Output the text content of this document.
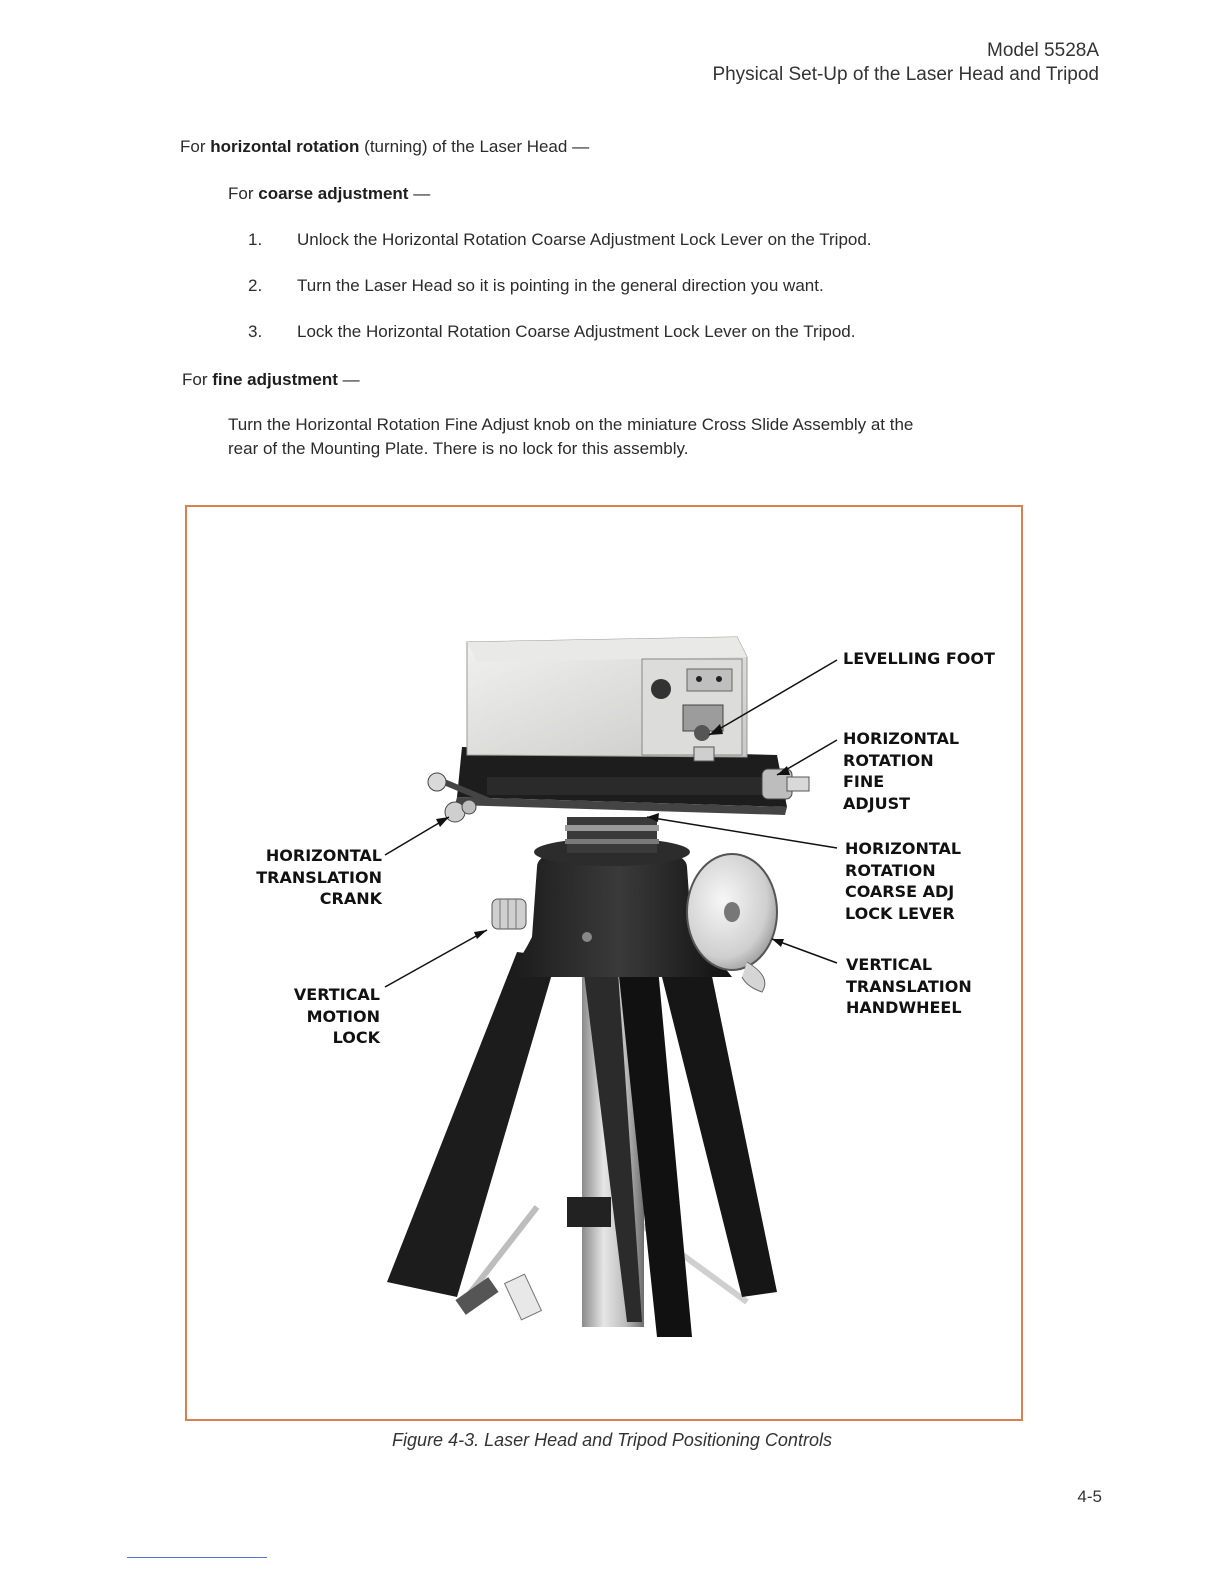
Model 5528A
Physical Set-Up of the Laser Head and Tripod
For horizontal rotation (turning) of the Laser Head —
For coarse adjustment —
1. Unlock the Horizontal Rotation Coarse Adjustment Lock Lever on the Tripod.
2. Turn the Laser Head so it is pointing in the general direction you want.
3. Lock the Horizontal Rotation Coarse Adjustment Lock Lever on the Tripod.
For fine adjustment —
Turn the Horizontal Rotation Fine Adjust knob on the miniature Cross Slide Assembly at the
rear of the Mounting Plate. There is no lock for this assembly.
LEVELLING FOOT
HORIZONTAL
ROTATION
FINE
ADJUST
HORIZONTAL
ROTATION
COARSE ADJ
LOCK LEVER
VERTICAL
TRANSLATION
HANDWHEEL
HORIZONTAL
TRANSLATION
CRANK
VERTICAL
MOTION
LOCK
Figure 4-3. Laser Head and Tripod Positioning Controls
4-5
